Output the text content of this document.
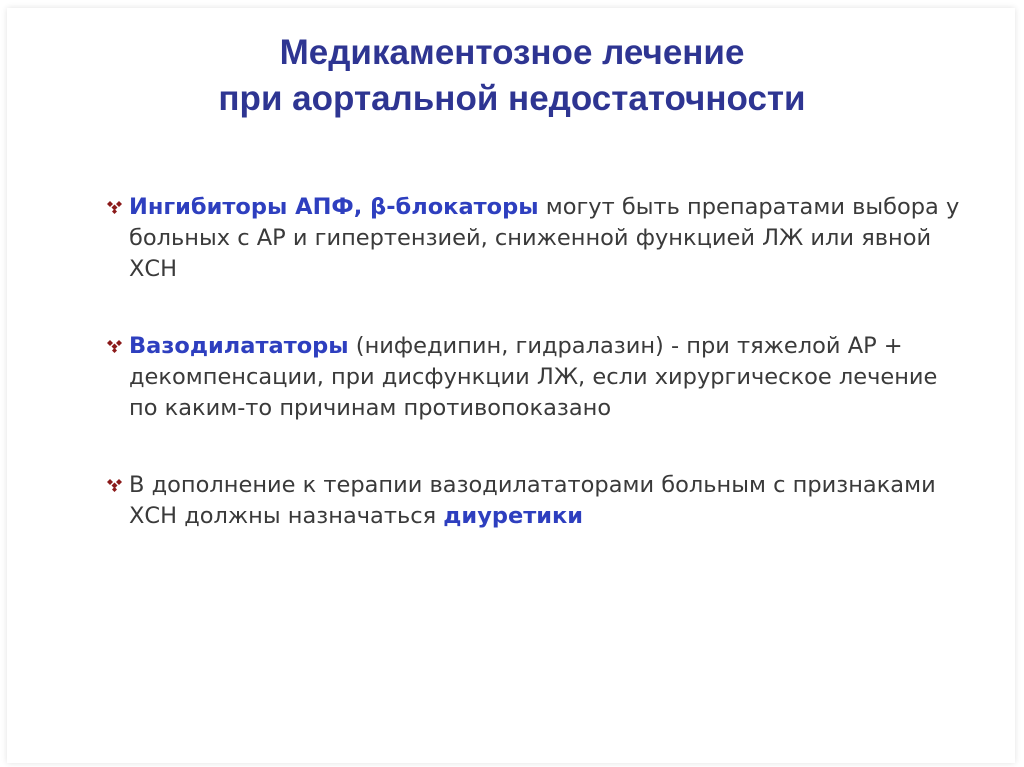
Медикаментозное лечение
при аортальной недостаточности
Ингибиторы АПФ, β-блокаторы могут быть препаратами выбора у больных с АР и гипертензией, сниженной функцией ЛЖ или явной ХСН
Вазодилататоры (нифедипин, гидралазин) - при тяжелой АР + декомпенсации, при дисфункции ЛЖ, если хирургическое лечение по каким-то причинам противопоказано
В дополнение к терапии вазодилататорами больным с признаками ХСН должны назначаться диуретики
